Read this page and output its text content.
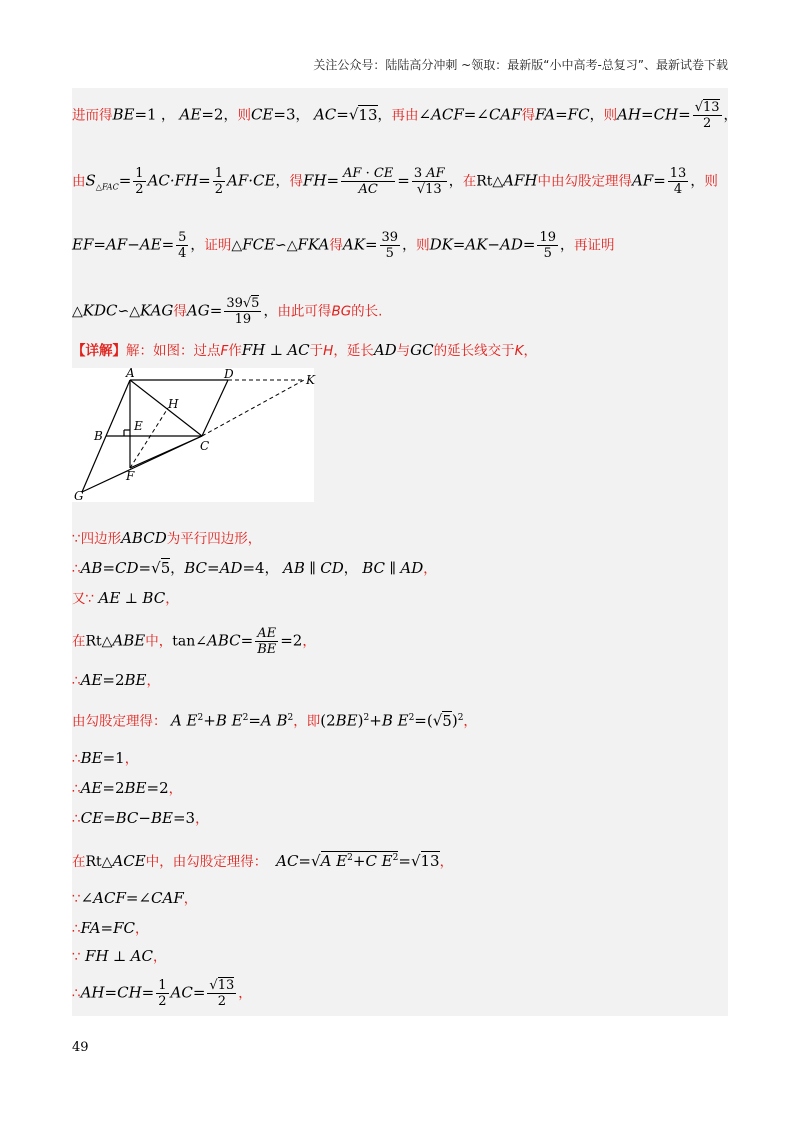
关注公众号：陆陆高分冲刺 ~领取：最新版“小中高考-总复习”、最新试卷下载
进而得BE=1 ， AE=2，则CE=3， AC=√13，再由∠ACF=∠CAF得FA=FC，则$AH=CH= \frac{√13}{2}$ ，
由$S_{\triangle FAC}= \frac{1}{2} AC\cdot FH= \frac{1}{2} AF\cdot CE$，得$FH= \frac{AF \cdot CE}{AC} = \frac{3 AF}{√13}$ ，在Rt△AFH中由勾股定理得$AF= \frac{13}{4}$ ，则
$EF=AF-AE= \frac{5}{4}$ ，证明△FCE∽△FKA得$AK= \frac{39}{5}$ ，则$DK=AK-AD= \frac{19}{5}$ ，再证明
△KDC∽△KAG得$AG= \frac{39√5}{19}$ ，由此可得BG的长.
【详解】解：如图：过点F作FH ⊥ AC于H，延长AD与GC的延长线交于K，
A	D	K
B
C
E
H
F
G
∵四边形ABCD为平行四边形，
∴AB=CD=√5，BC=AD=4， AB ∥ CD， BC ∥ AD，
又∵ AE ⊥ BC，
在Rt△ABE中，tan∠ABC= $\frac{AE}{BE} =2$，
∴AE=2BE，
由勾股定理得： A $E^2+B$ $E^2=A$ $B^2$，即$(2BE)^2+B$ $E^2=(√5)^2$，
∴BE=1，
∴AE=2BE=2，
∴CE=BC−BE=3，
在Rt△ACE中，由勾股定理得： AC=√A $E^2+C$ $E^2=√13$，
∵∠ACF=∠CAF，
∴FA=FC，
∵ FH ⊥ AC，
∴AH=CH= $\frac{1}{2} AC= \frac{√13}{2}$ ，
49
